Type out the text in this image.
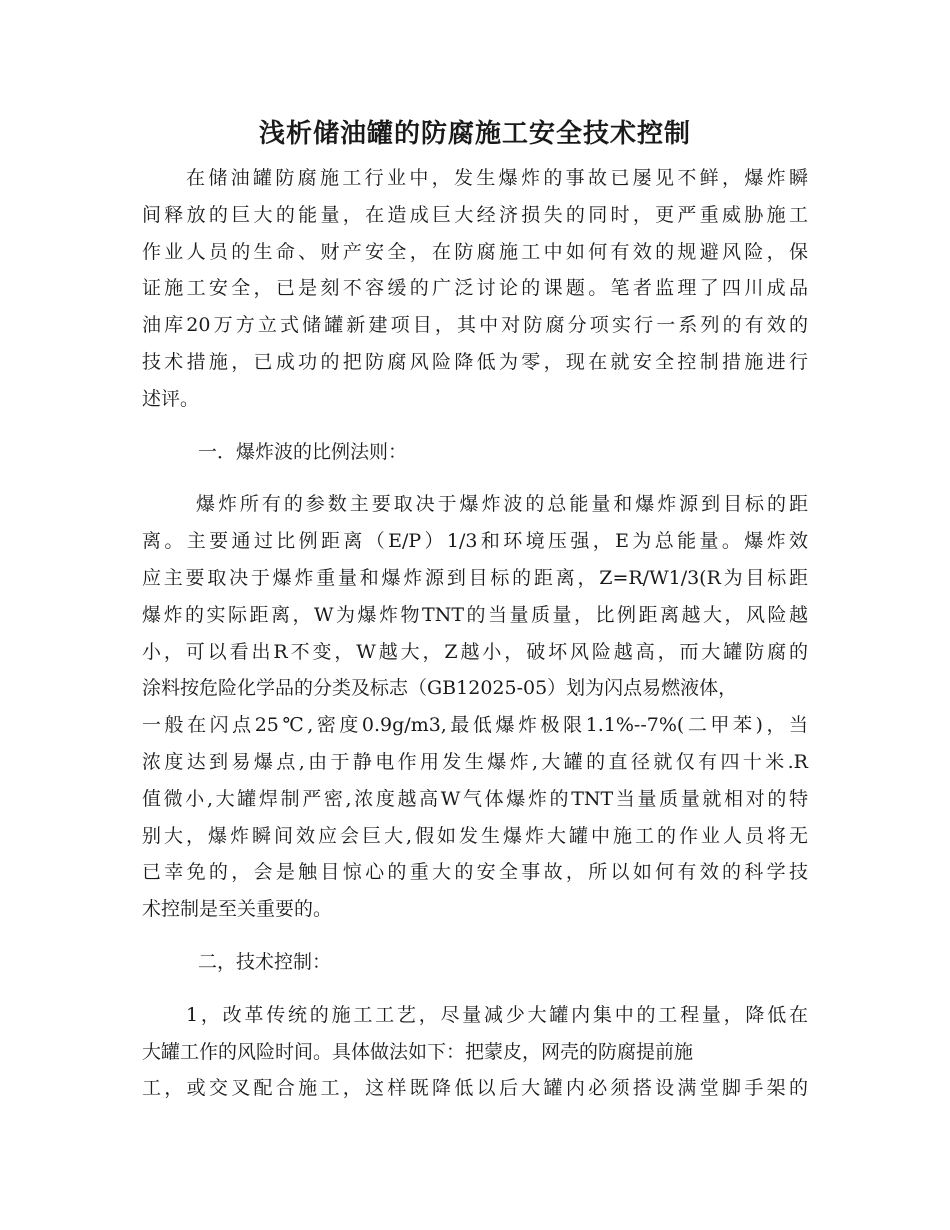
浅析储油罐的防腐施工安全技术控制
在储油罐防腐施工行业中，发生爆炸的事故已屡见不鲜，爆炸瞬
间释放的巨大的能量，在造成巨大经济损失的同时，更严重威胁施工
作业人员的生命、财产安全，在防腐施工中如何有效的规避风险，保
证施工安全，已是刻不容缓的广泛讨论的课题。笔者监理了四川成品
油库20万方立式储罐新建项目，其中对防腐分项实行一系列的有效的
技术措施，已成功的把防腐风险降低为零，现在就安全控制措施进行
述评。
一．爆炸波的比例法则：
爆炸所有的参数主要取决于爆炸波的总能量和爆炸源到目标的距
离。主要通过比例距离（E/P）1/3和环境压强，E为总能量。爆炸效
应主要取决于爆炸重量和爆炸源到目标的距离，Z=R/W1/3(R为目标距
爆炸的实际距离，W为爆炸物TNT的当量质量，比例距离越大，风险越
小，可以看出R不变，W越大，Z越小，破坏风险越高，而大罐防腐的
涂料按危险化学品的分类及标志（GB12025-05）划为闪点易燃液体，
一般在闪点25℃,密度0.9g/m3,最低爆炸极限1.1%--7%(二甲苯)，当
浓度达到易爆点,由于静电作用发生爆炸,大罐的直径就仅有四十米.R
值微小,大罐焊制严密,浓度越高W气体爆炸的TNT当量质量就相对的特
别大，爆炸瞬间效应会巨大,假如发生爆炸大罐中施工的作业人员将无
已幸免的，会是触目惊心的重大的安全事故，所以如何有效的科学技
术控制是至关重要的。
二，技术控制：
1，改革传统的施工工艺，尽量减少大罐内集中的工程量，降低在
大罐工作的风险时间。具体做法如下：把蒙皮，网壳的防腐提前施
工，或交叉配合施工，这样既降低以后大罐内必须搭设满堂脚手架的
